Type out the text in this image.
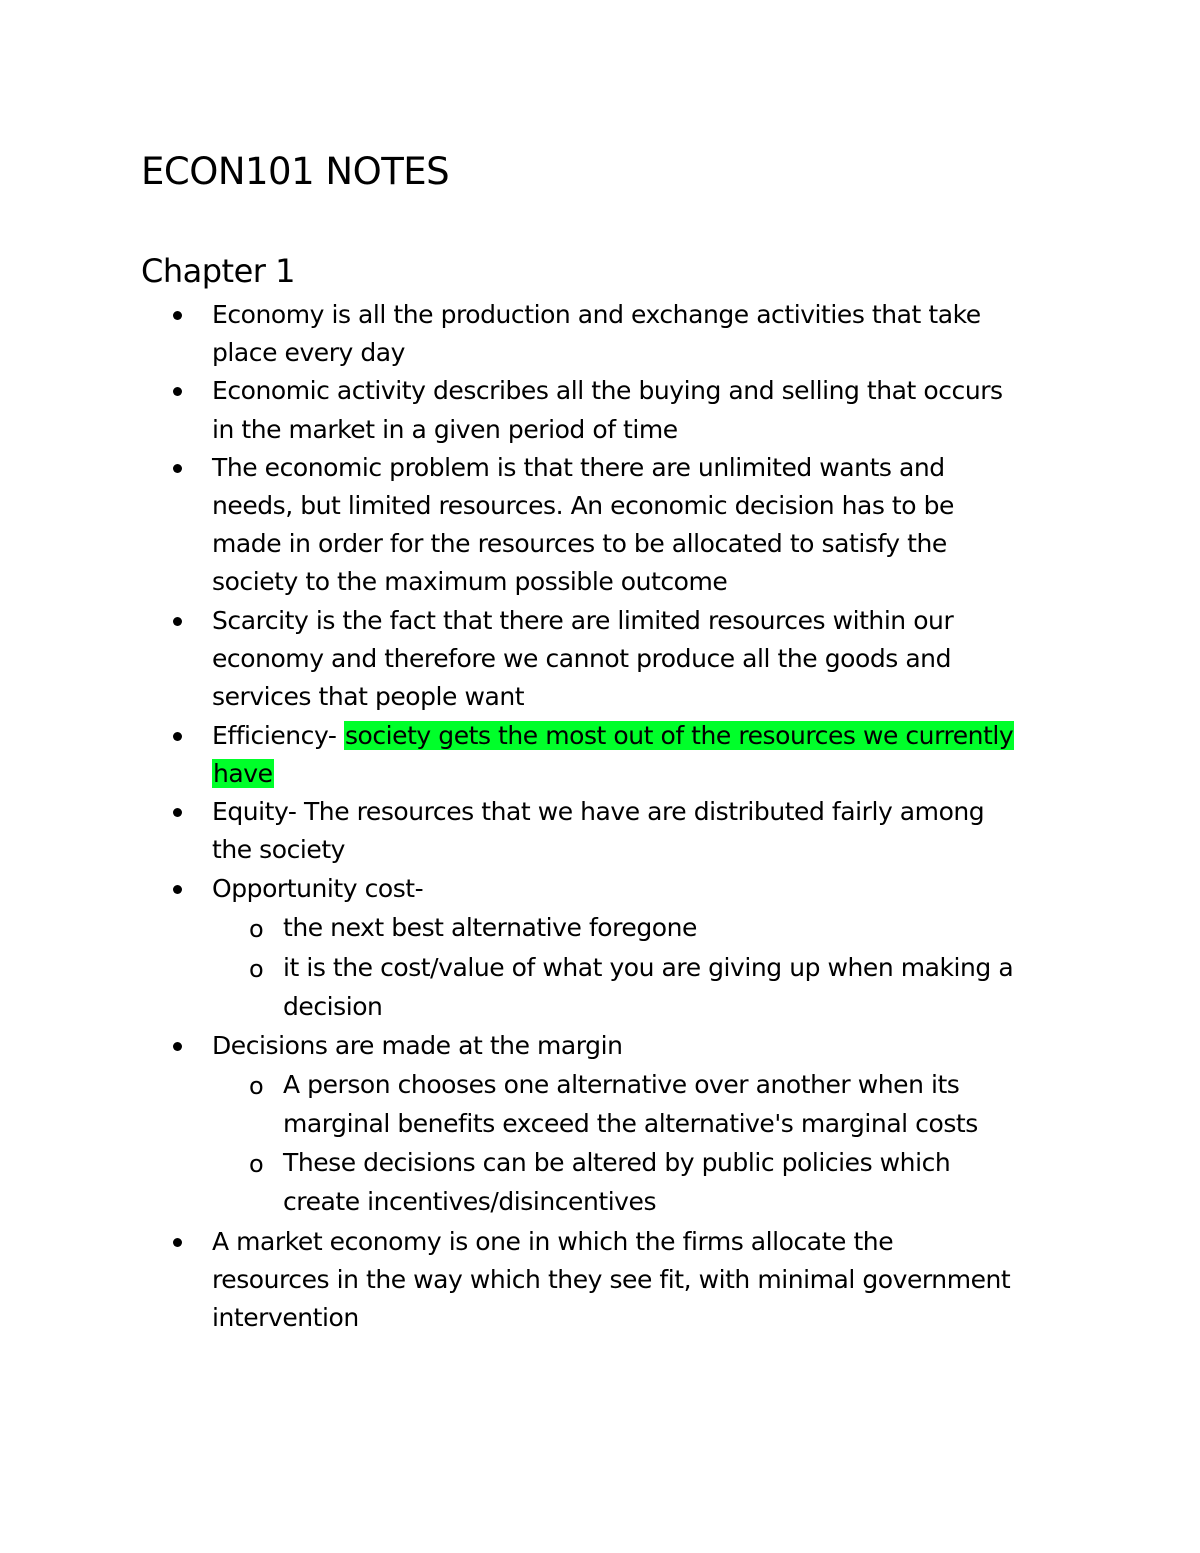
ECON101 NOTES
Chapter 1
Economy is all the production and exchange activities that take
place every day
Economic activity describes all the buying and selling that occurs
in the market in a given period of time
The economic problem is that there are unlimited wants and
needs, but limited resources. An economic decision has to be
made in order for the resources to be allocated to satisfy the
society to the maximum possible outcome
Scarcity is the fact that there are limited resources within our
economy and therefore we cannot produce all the goods and
services that people want
Efficiency- society gets the most out of the resources we currently
have
Equity- The resources that we have are distributed fairly among
the society
Opportunity cost-
o the next best alternative foregone
o it is the cost/value of what you are giving up when making a
decision
Decisions are made at the margin
o A person chooses one alternative over another when its
marginal benefits exceed the alternative's marginal costs
o These decisions can be altered by public policies which
create incentives/disincentives
A market economy is one in which the firms allocate the
resources in the way which they see fit, with minimal government
intervention
